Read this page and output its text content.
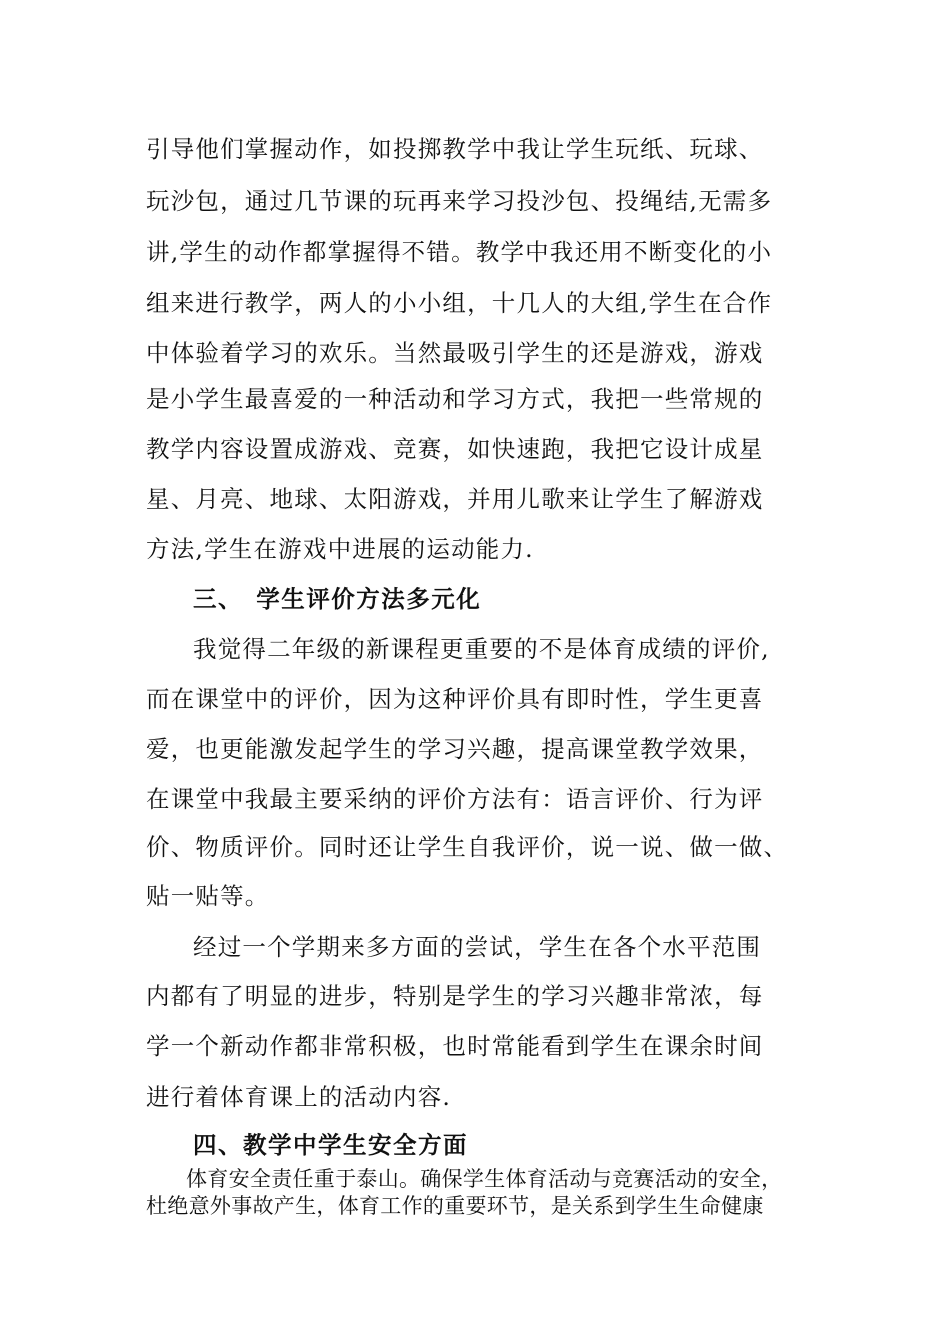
引导他们掌握动作，如投掷教学中我让学生玩纸、玩球、
玩沙包，通过几节课的玩再来学习投沙包、投绳结,无需多
讲,学生的动作都掌握得不错。教学中我还用不断变化的小
组来进行教学，两人的小小组，十几人的大组,学生在合作
中体验着学习的欢乐。当然最吸引学生的还是游戏，游戏
是小学生最喜爱的一种活动和学习方式，我把一些常规的
教学内容设置成游戏、竞赛，如快速跑，我把它设计成星
星、月亮、地球、太阳游戏，并用儿歌来让学生了解游戏
方法,学生在游戏中进展的运动能力.
三、　学生评价方法多元化
我觉得二年级的新课程更重要的不是体育成绩的评价,
而在课堂中的评价，因为这种评价具有即时性，学生更喜
爱，也更能激发起学生的学习兴趣，提高课堂教学效果，
在课堂中我最主要采纳的评价方法有：语言评价、行为评
价、物质评价。同时还让学生自我评价，说一说、做一做、
贴一贴等。
经过一个学期来多方面的尝试，学生在各个水平范围
内都有了明显的进步，特别是学生的学习兴趣非常浓，每
学一个新动作都非常积极，也时常能看到学生在课余时间
进行着体育课上的活动内容.
四、教学中学生安全方面
体育安全责任重于泰山。确保学生体育活动与竞赛活动的安全，
杜绝意外事故产生，体育工作的重要环节，是关系到学生生命健康
